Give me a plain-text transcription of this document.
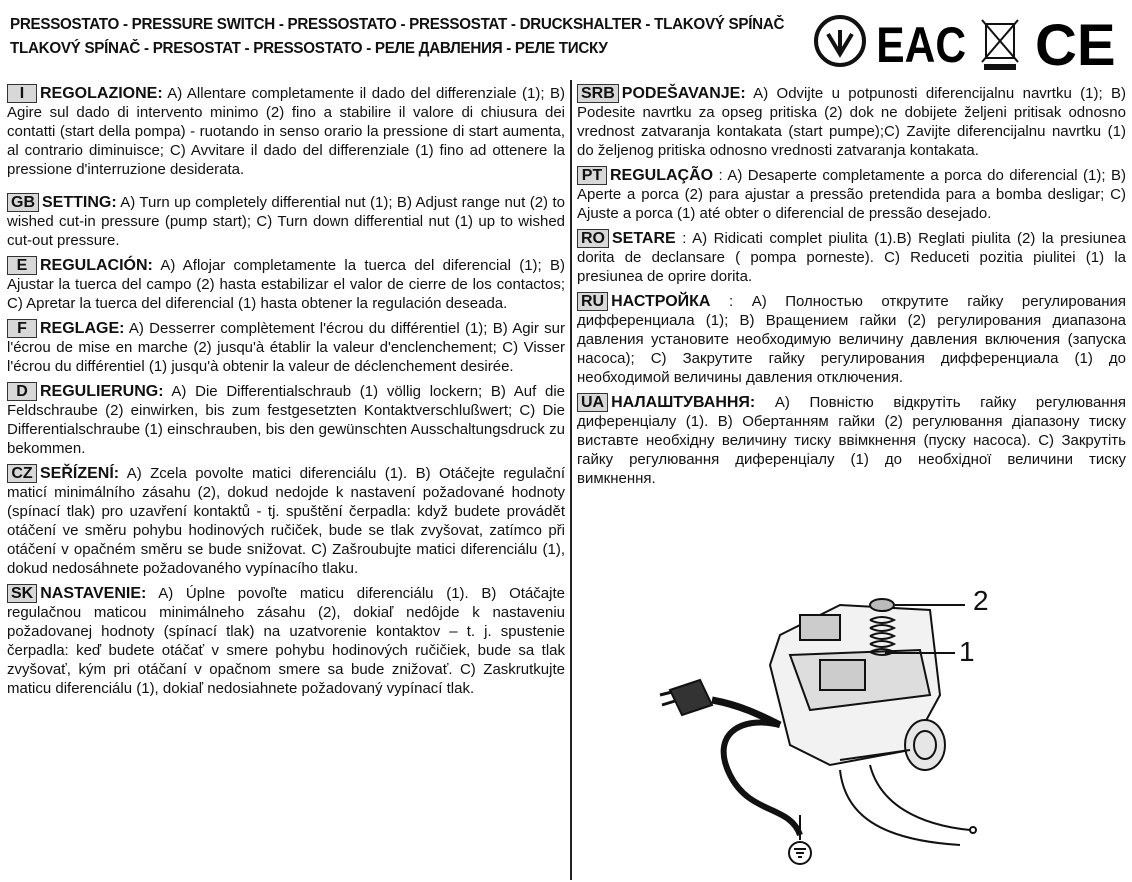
PRESSOSTATO - PRESSURE SWITCH - PRESSOSTATO - PRESSOSTAT - DRUCKSHALTER - TLAKOVÝ SPÍNAČ
TLAKOVÝ SPÍNAČ - PRESOSTAT - PRESSOSTATO - РЕЛЕ ДАВЛЕНИЯ - РЕЛЕ ТИСКУ	EAC CE

I REGOLAZIONE: A) Allentare completamente il dado del differenziale (1); B) Agire sul dado di intervento minimo (2) fino a stabilire il valore di chiusura dei contatti (start della pompa) - ruotando in senso orario la pressione di start aumenta, al contrario diminuisce; C) Avvitare il dado del differenziale (1) fino ad ottenere la pressione d'interruzione desiderata.

GB SETTING: A) Turn up completely differential nut (1); B) Adjust range nut (2) to wished cut-in pressure (pump start); C) Turn down differential nut (1) up to wished cut-out pressure.

E REGULACIÓN: A) Aflojar completamente la tuerca del diferencial (1); B) Ajustar la tuerca del campo (2) hasta estabilizar el valor de cierre de los contactos; C) Apretar la tuerca del diferencial (1) hasta obtener la regulación deseada.

F REGLAGE: A) Desserrer complètement l'écrou du différentiel (1); B) Agir sur l'écrou de mise en marche (2) jusqu'à établir la valeur d'enclenchement; C) Visser l'écrou du différentiel (1) jusqu'à obtenir la valeur de déclenchement desirée.

D REGULIERUNG: A) Die Differentialschraub (1) völlig lockern; B) Auf die Feldschraube (2) einwirken, bis zum festgesetzten Kontaktverschlußwert; C) Die Differentialschraube (1) einschrauben, bis den gewünschten Ausschaltungsdruck zu bekommen.

CZ SEŘÍZENÍ: A) Zcela povolte matici diferenciálu (1). B) Otáčejte regulační maticí minimálního zásahu (2), dokud nedojde k nastavení požadované hodnoty (spínací tlak) pro uzavření kontaktů - tj. spuštění čerpadla: když budete provádět otáčení ve směru pohybu hodinových ručiček, bude se tlak zvyšovat, zatímco při otáčení v opačném směru se bude snižovat. C) Zašroubujte matici diferenciálu (1), dokud nedosáhnete požadovaného vypínacího tlaku.

SK NASTAVENIE: A) Úplne povoľte maticu diferenciálu (1). B) Otáčajte regulačnou maticou minimálneho zásahu (2), dokiaľ nedôjde k nastaveniu požadovanej hodnoty (spínací tlak) na uzatvorenie kontaktov – t. j. spustenie čerpadla: keď budete otáčať v smere pohybu hodinových ručičiek, bude sa tlak zvyšovať, kým pri otáčaní v opačnom smere sa bude znižovať. C) Zaskrutkujte maticu diferenciálu (1), dokiaľ nedosiahnete požadovaný vypínací tlak.

SRB PODEŠAVANJE: A) Odvijte u potpunosti diferencijalnu navrtku (1); B) Podesite navrtku za opseg pritiska (2) dok ne dobijete željeni pritisak odnosno vrednost zatvaranja kontakata (start pumpe);C) Zavijte diferencijalnu navrtku (1) do željenog pritiska odnosno vrednosti zatvaranja kontakata.

PT REGULAÇÃO : A) Desaperte completamente a porca do diferencial (1); B) Aperte a porca (2) para ajustar a pressão pretendida para a bomba desligar; C) Ajuste a porca (1) até obter o diferencial de pressão desejado.

RO SETARE : A) Ridicati complet piulita (1).B) Reglati piulita (2) la presiunea dorita de declansare ( pompa porneste). C) Reduceti pozitia piulitei (1) la presiunea de oprire dorita.

RU НАСТРОЙКА : A) Полностью открутите гайку регулирования дифференциала (1); B) Вращением гайки (2) регулирования диапазона давления установите необходимую величину давления включения (запуска насоса); C) Закрутите гайку регулирования дифференциала (1) до необходимой величины давления отключения.

UA НАЛАШТУВАННЯ: A) Повністю відкрутіть гайку регулювання диференціалу (1). B) Обертанням гайки (2) регулювання діапазону тиску виставте необхідну величину тиску ввімкнення (пуску насоса). C) Закрутіть гайку регулювання диференціалу (1) до необхідної величини тиску вимкнення.

2
1
